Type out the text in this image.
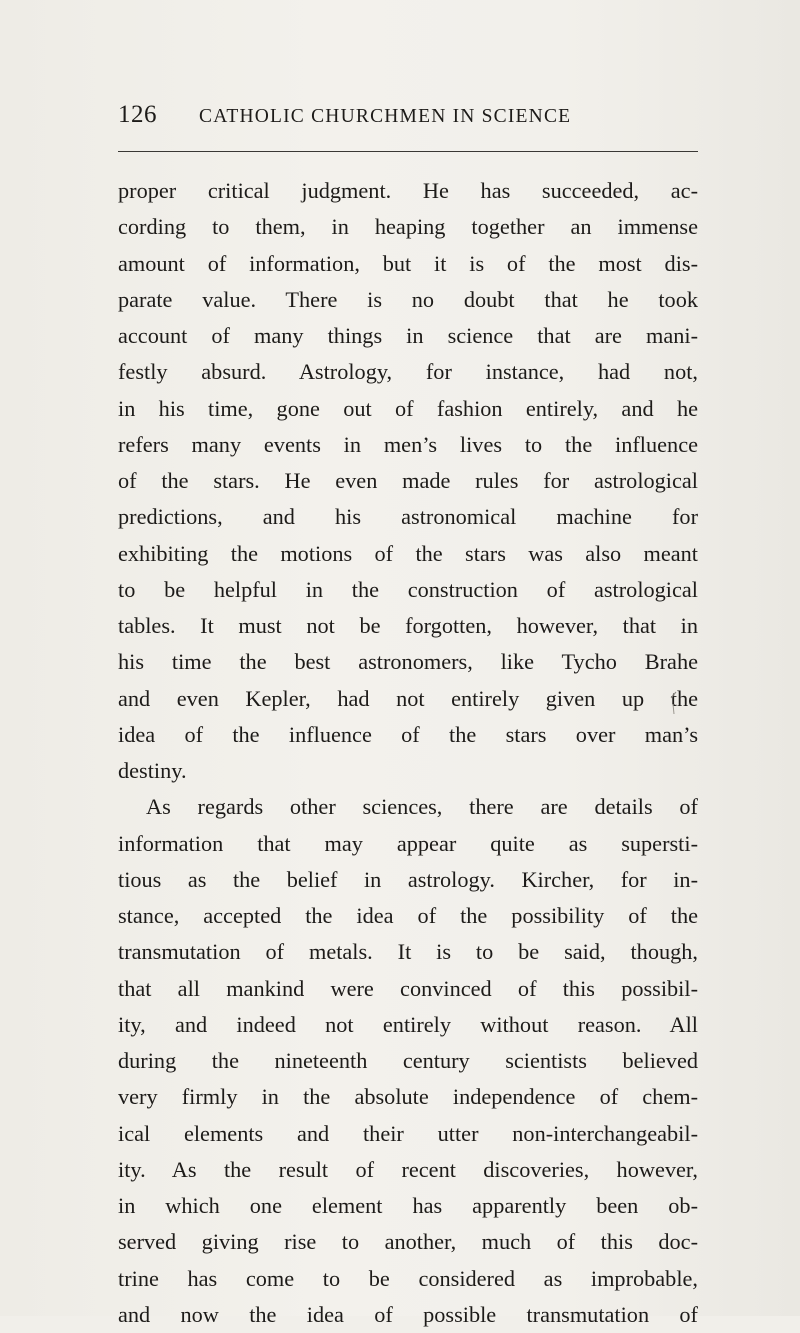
126 CATHOLIC CHURCHMEN IN SCIENCE
proper critical judgment. He has succeeded, ac-
cording to them, in heaping together an immense
amount of information, but it is of the most dis-
parate value. There is no doubt that he took
account of many things in science that are mani-
festly absurd. Astrology, for instance, had not,
in his time, gone out of fashion entirely, and he
refers many events in men’s lives to the influence
of the stars. He even made rules for astrological
predictions, and his astronomical machine for
exhibiting the motions of the stars was also meant
to be helpful in the construction of astrological
tables. It must not be forgotten, however, that in
his time the best astronomers, like Tycho Brahe
and even Kepler, had not entirely given up the
idea of the influence of the stars over man’s
destiny.
As regards other sciences, there are details of
information that may appear quite as supersti-
tious as the belief in astrology. Kircher, for in-
stance, accepted the idea of the possibility of the
transmutation of metals. It is to be said, though,
that all mankind were convinced of this possibil-
ity, and indeed not entirely without reason. All
during the nineteenth century scientists believed
very firmly in the absolute independence of chem-
ical elements and their utter non-interchangeabil-
ity. As the result of recent discoveries, however,
in which one element has apparently been ob-
served giving rise to another, much of this doc-
trine has come to be considered as improbable,
and now the idea of possible transmutation of
